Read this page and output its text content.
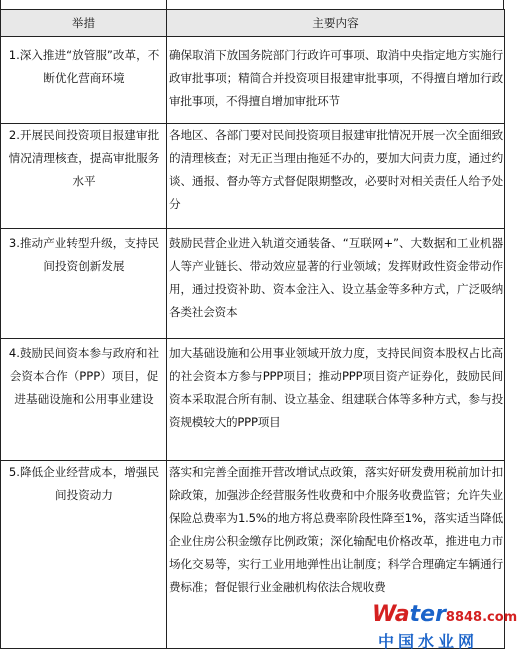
举措	主要内容
1.深入推进“放管服”改革，不断优化营商环境	确保取消下放国务院部门行政许可事项、取消中央指定地方实施行政审批事项；精简合并投资项目报建审批事项，不得擅自增加行政审批事项，不得擅自增加审批环节
2.开展民间投资项目报建审批情况清理核查，提高审批服务水平	各地区、各部门要对民间投资项目报建审批情况开展一次全面细致的清理核查；对无正当理由拖延不办的，要加大问责力度，通过约谈、通报、督办等方式督促限期整改，必要时对相关责任人给予处分
3.推动产业转型升级，支持民间投资创新发展	鼓励民营企业进入轨道交通装备、“互联网+”、大数据和工业机器人等产业链长、带动效应显著的行业领域；发挥财政性资金带动作用，通过投资补助、资本金注入、设立基金等多种方式，广泛吸纳各类社会资本
4.鼓励民间资本参与政府和社会资本合作（PPP）项目，促进基础设施和公用事业建设	加大基础设施和公用事业领域开放力度，支持民间资本股权占比高的社会资本方参与PPP项目；推动PPP项目资产证券化，鼓励民间资本采取混合所有制、设立基金、组建联合体等多种方式，参与投资规模较大的PPP项目
5.降低企业经营成本，增强民间投资动力	落实和完善全面推开营改增试点政策，落实好研发费用税前加计扣除政策，加强涉企经营服务性收费和中介服务收费监管；允许失业保险总费率为1.5%的地方将总费率阶段性降至1%，落实适当降低企业住房公积金缴存比例政策；深化输配电价格改革，推进电力市场化交易等，实行工业用地弹性出让制度；科学合理确定车辆通行费标准；督促银行业金融机构依法合规收费
Water8848.com
中国水业网
